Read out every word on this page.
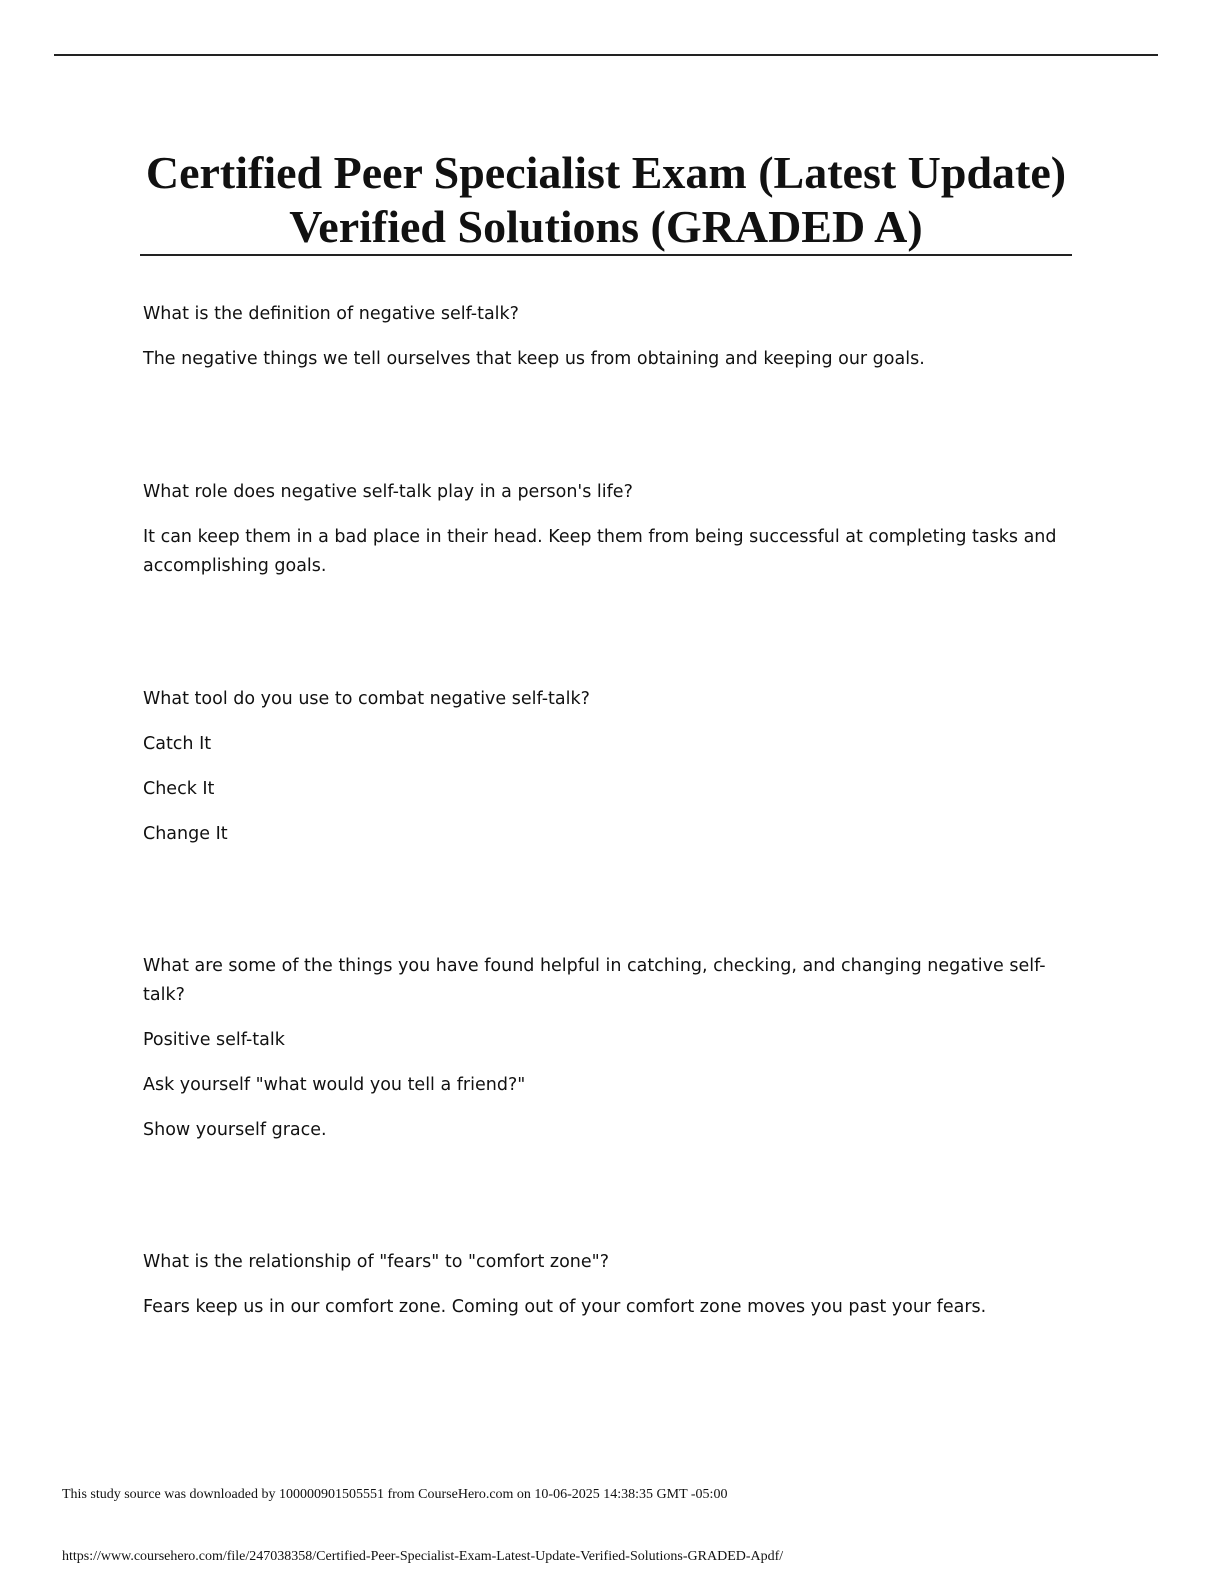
Certified Peer Specialist Exam (Latest Update) Verified Solutions (GRADED A)

What is the definition of negative self-talk?

The negative things we tell ourselves that keep us from obtaining and keeping our goals.

What role does negative self-talk play in a person's life?

It can keep them in a bad place in their head. Keep them from being successful at completing tasks and accomplishing goals.

What tool do you use to combat negative self-talk?

Catch It

Check It

Change It

What are some of the things you have found helpful in catching, checking, and changing negative self-talk?

Positive self-talk

Ask yourself "what would you tell a friend?"

Show yourself grace.

What is the relationship of "fears" to "comfort zone"?

Fears keep us in our comfort zone. Coming out of your comfort zone moves you past your fears.

This study source was downloaded by 100000901505551 from CourseHero.com on 10-06-2025 14:38:35 GMT -05:00

https://www.coursehero.com/file/247038358/Certified-Peer-Specialist-Exam-Latest-Update-Verified-Solutions-GRADED-Apdf/
